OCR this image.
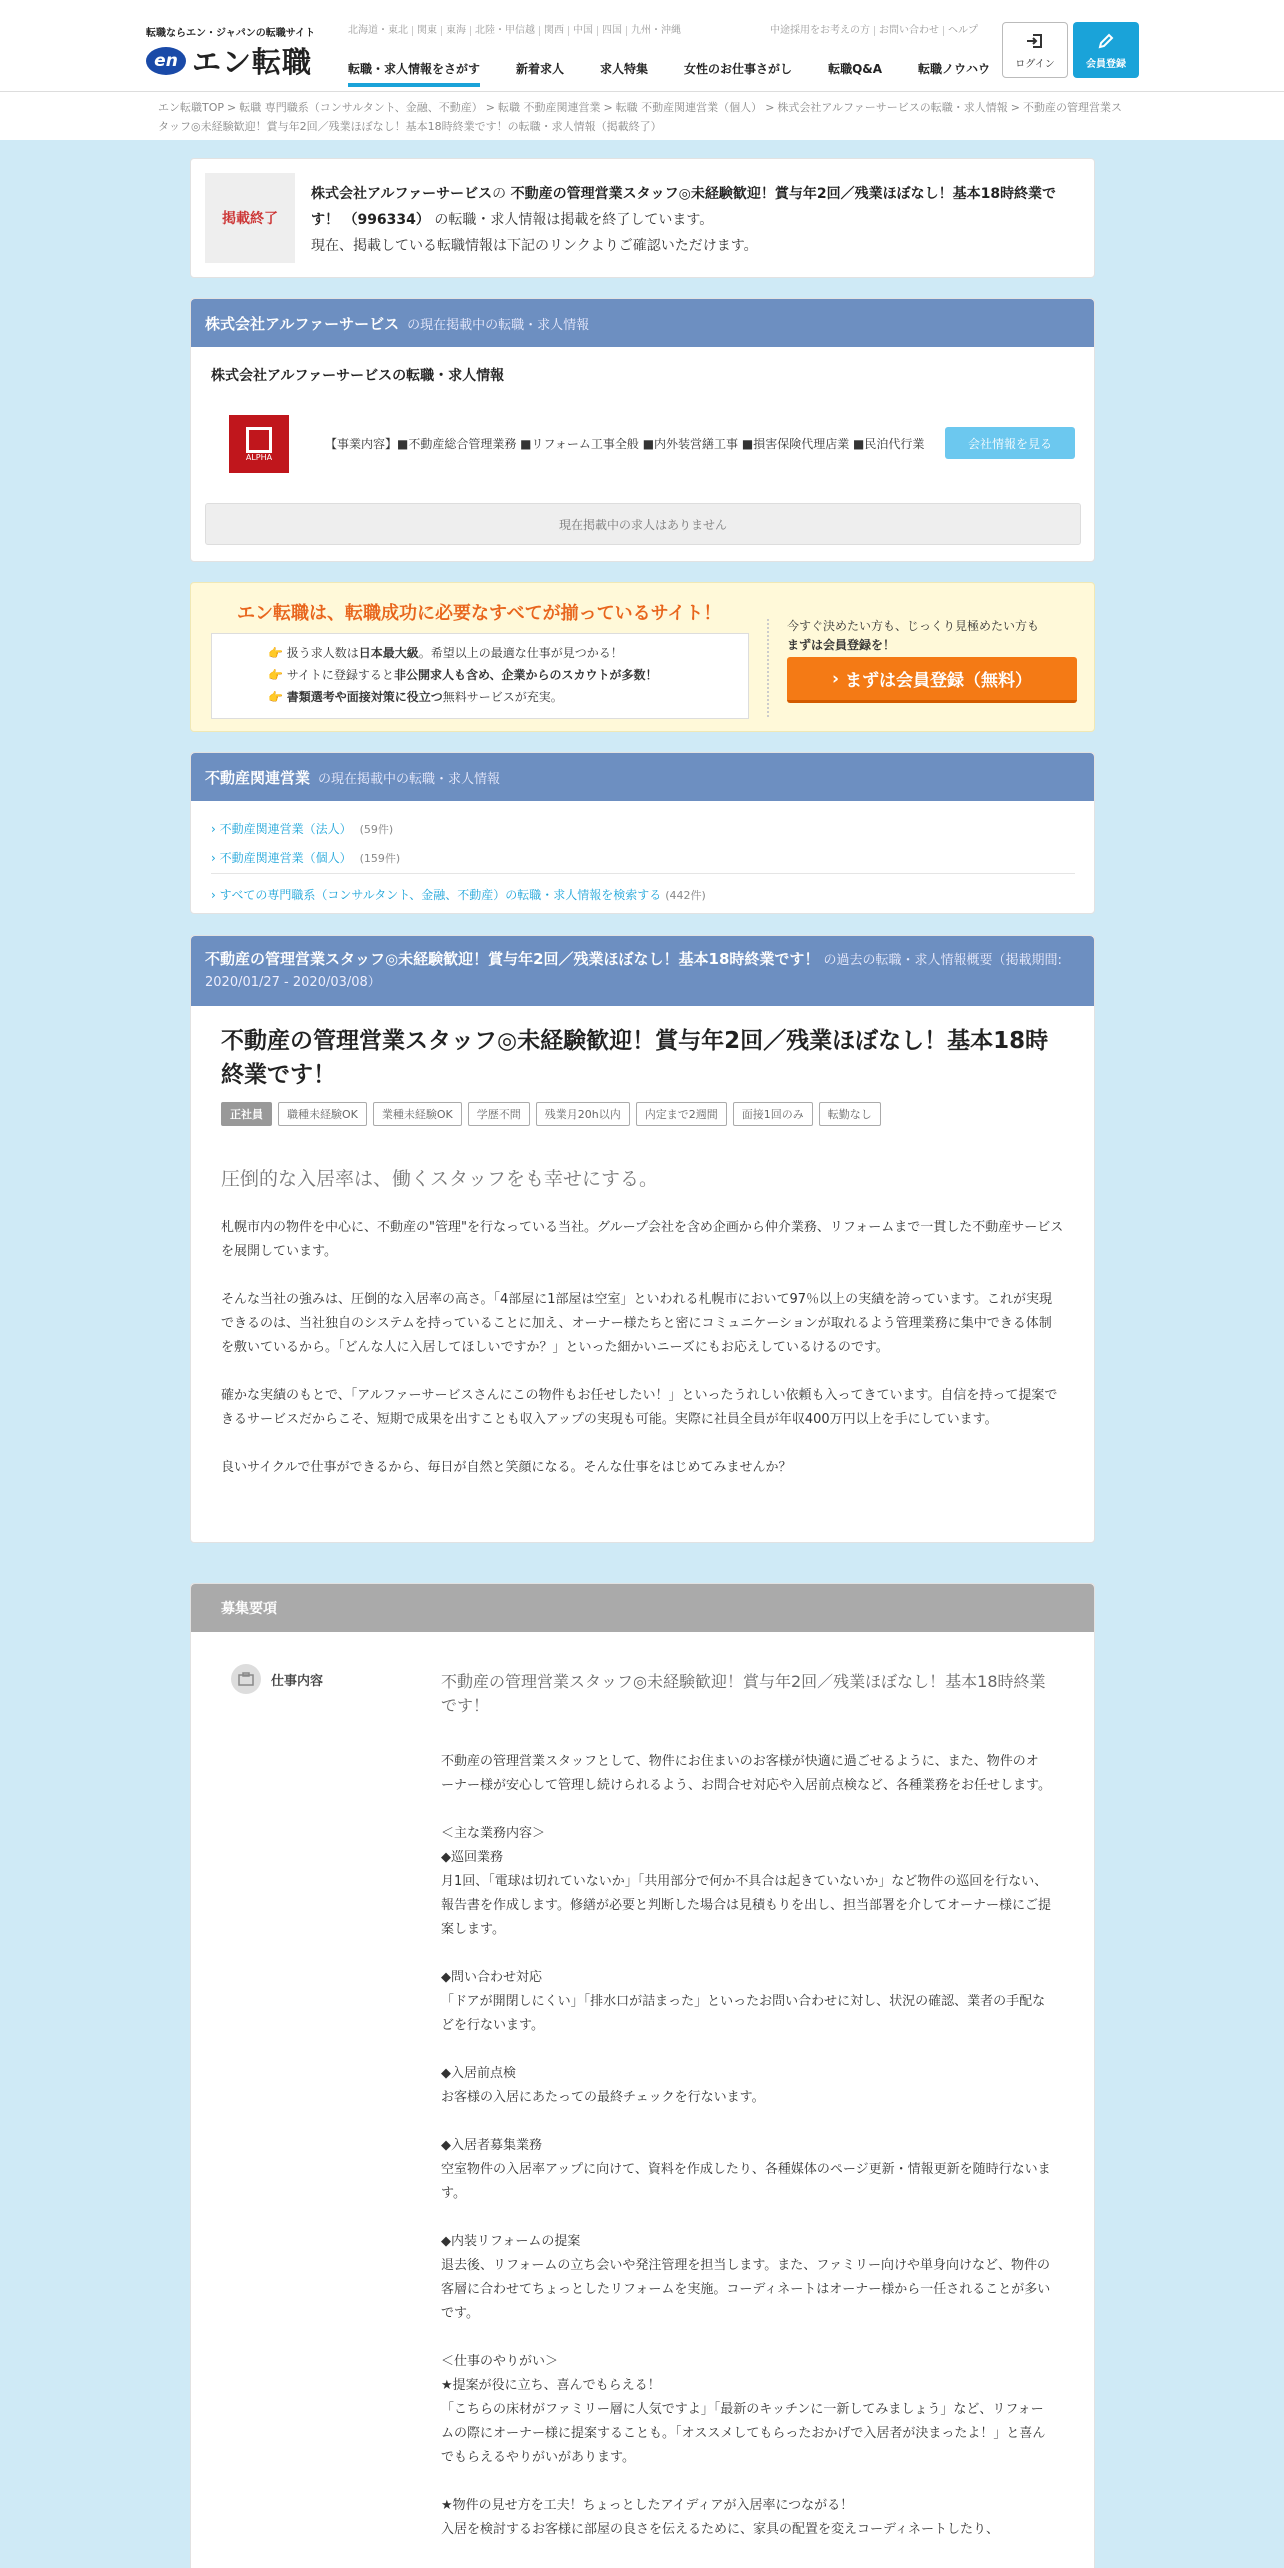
転職ならエン・ジャパンの転職サイト
en エン転職
北海道・東北 関東 東海 北陸・甲信越 関西 中国 四国 九州・沖縄	中途採用をお考えの方 お問い合わせ ヘルプ
転職・求人情報をさがす	新着求人	求人特集	女性のお仕事さがし	転職Q&A	転職ノウハウ	ログイン	会員登録
エン転職TOP > 転職 専門職系（コンサルタント、金融、不動産） > 転職 不動産関連営業 > 転職 不動産関連営業（個人） > 株式会社アルファーサービスの転職・求人情報 > 不動産の管理営業スタッフ◎未経験歓迎！賞与年2回／残業ほぼなし！基本18時終業です！の転職・求人情報（掲載終了）
掲載終了
株式会社アルファーサービスの 不動産の管理営業スタッフ◎未経験歓迎！賞与年2回／残業ほぼなし！基本18時終業です！ （996334） の転職・求人情報は掲載を終了しています。
現在、掲載している転職情報は下記のリンクよりご確認いただけます。
株式会社アルファーサービス の現在掲載中の転職・求人情報
株式会社アルファーサービスの転職・求人情報
ALPHA
【事業内容】■不動産総合管理業務 ■リフォーム工事全般 ■内外装営繕工事 ■損害保険代理店業 ■民泊代行業	会社情報を見る
現在掲載中の求人はありません
エン転職は、転職成功に必要なすべてが揃っているサイト！
👉 扱う求人数は日本最大級。希望以上の最適な仕事が見つかる！
👉 サイトに登録すると非公開求人も含め、企業からのスカウトが多数！
👉 書類選考や面接対策に役立つ無料サービスが充実。
今すぐ決めたい方も、じっくり見極めたい方も
まずは会員登録を！
› まずは会員登録（無料）
不動産関連営業 の現在掲載中の転職・求人情報
› 不動産関連営業（法人） (59件)
› 不動産関連営業（個人） (159件)
› すべての専門職系（コンサルタント、金融、不動産）の転職・求人情報を検索する (442件)
不動産の管理営業スタッフ◎未経験歓迎！賞与年2回／残業ほぼなし！基本18時終業です！ の過去の転職・求人情報概要（掲載期間: 2020/01/27 - 2020/03/08）
不動産の管理営業スタッフ◎未経験歓迎！賞与年2回／残業ほぼなし！基本18時終業です！
正社員	職種未経験OK	業種未経験OK	学歴不問	残業月20h以内	内定まで2週間	面接1回のみ	転勤なし
圧倒的な入居率は、働くスタッフをも幸せにする。

札幌市内の物件を中心に、不動産の"管理"を行なっている当社。グループ会社を含め企画から仲介業務、リフォームまで一貫した不動産サービスを展開しています。

そんな当社の強みは、圧倒的な入居率の高さ。「4部屋に1部屋は空室」といわれる札幌市において97％以上の実績を誇っています。これが実現できるのは、当社独自のシステムを持っていることに加え、オーナー様たちと密にコミュニケーションが取れるよう管理業務に集中できる体制を敷いているから。「どんな人に入居してほしいですか？」といった細かいニーズにもお応えしているけるのです。

確かな実績のもとで、「アルファーサービスさんにこの物件もお任せしたい！」といったうれしい依頼も入ってきています。自信を持って提案できるサービスだからこそ、短期で成果を出すことも収入アップの実現も可能。実際に社員全員が年収400万円以上を手にしています。

良いサイクルで仕事ができるから、毎日が自然と笑顔になる。そんな仕事をはじめてみませんか？

募集要項
仕事内容	不動産の管理営業スタッフ◎未経験歓迎！賞与年2回／残業ほぼなし！基本18時終業です！

不動産の管理営業スタッフとして、物件にお住まいのお客様が快適に過ごせるように、また、物件のオーナー様が安心して管理し続けられるよう、お問合せ対応や入居前点検など、各種業務をお任せします。

＜主な業務内容＞
◆巡回業務
月1回、「電球は切れていないか」「共用部分で何か不具合は起きていないか」など物件の巡回を行ない、報告書を作成します。修繕が必要と判断した場合は見積もりを出し、担当部署を介してオーナー様にご提案します。

◆問い合わせ対応
「ドアが開閉しにくい」「排水口が詰まった」といったお問い合わせに対し、状況の確認、業者の手配などを行ないます。

◆入居前点検
お客様の入居にあたっての最終チェックを行ないます。

◆入居者募集業務
空室物件の入居率アップに向けて、資料を作成したり、各種媒体のページ更新・情報更新を随時行ないます。

◆内装リフォームの提案
退去後、リフォームの立ち会いや発注管理を担当します。また、ファミリー向けや単身向けなど、物件の客層に合わせてちょっとしたリフォームを実施。コーディネートはオーナー様から一任されることが多いです。

＜仕事のやりがい＞
★提案が役に立ち、喜んでもらえる！
「こちらの床材がファミリー層に人気ですよ」「最新のキッチンに一新してみましょう」など、リフォームの際にオーナー様に提案することも。「オススメしてもらったおかげで入居者が決まったよ！」と喜んでもらえるやりがいがあります。

★物件の見せ方を工夫！ちょっとしたアイディアが入居率につながる！
入居を検討するお客様に部屋の良さを伝えるために、家具の配置を変えコーディネートしたり、
